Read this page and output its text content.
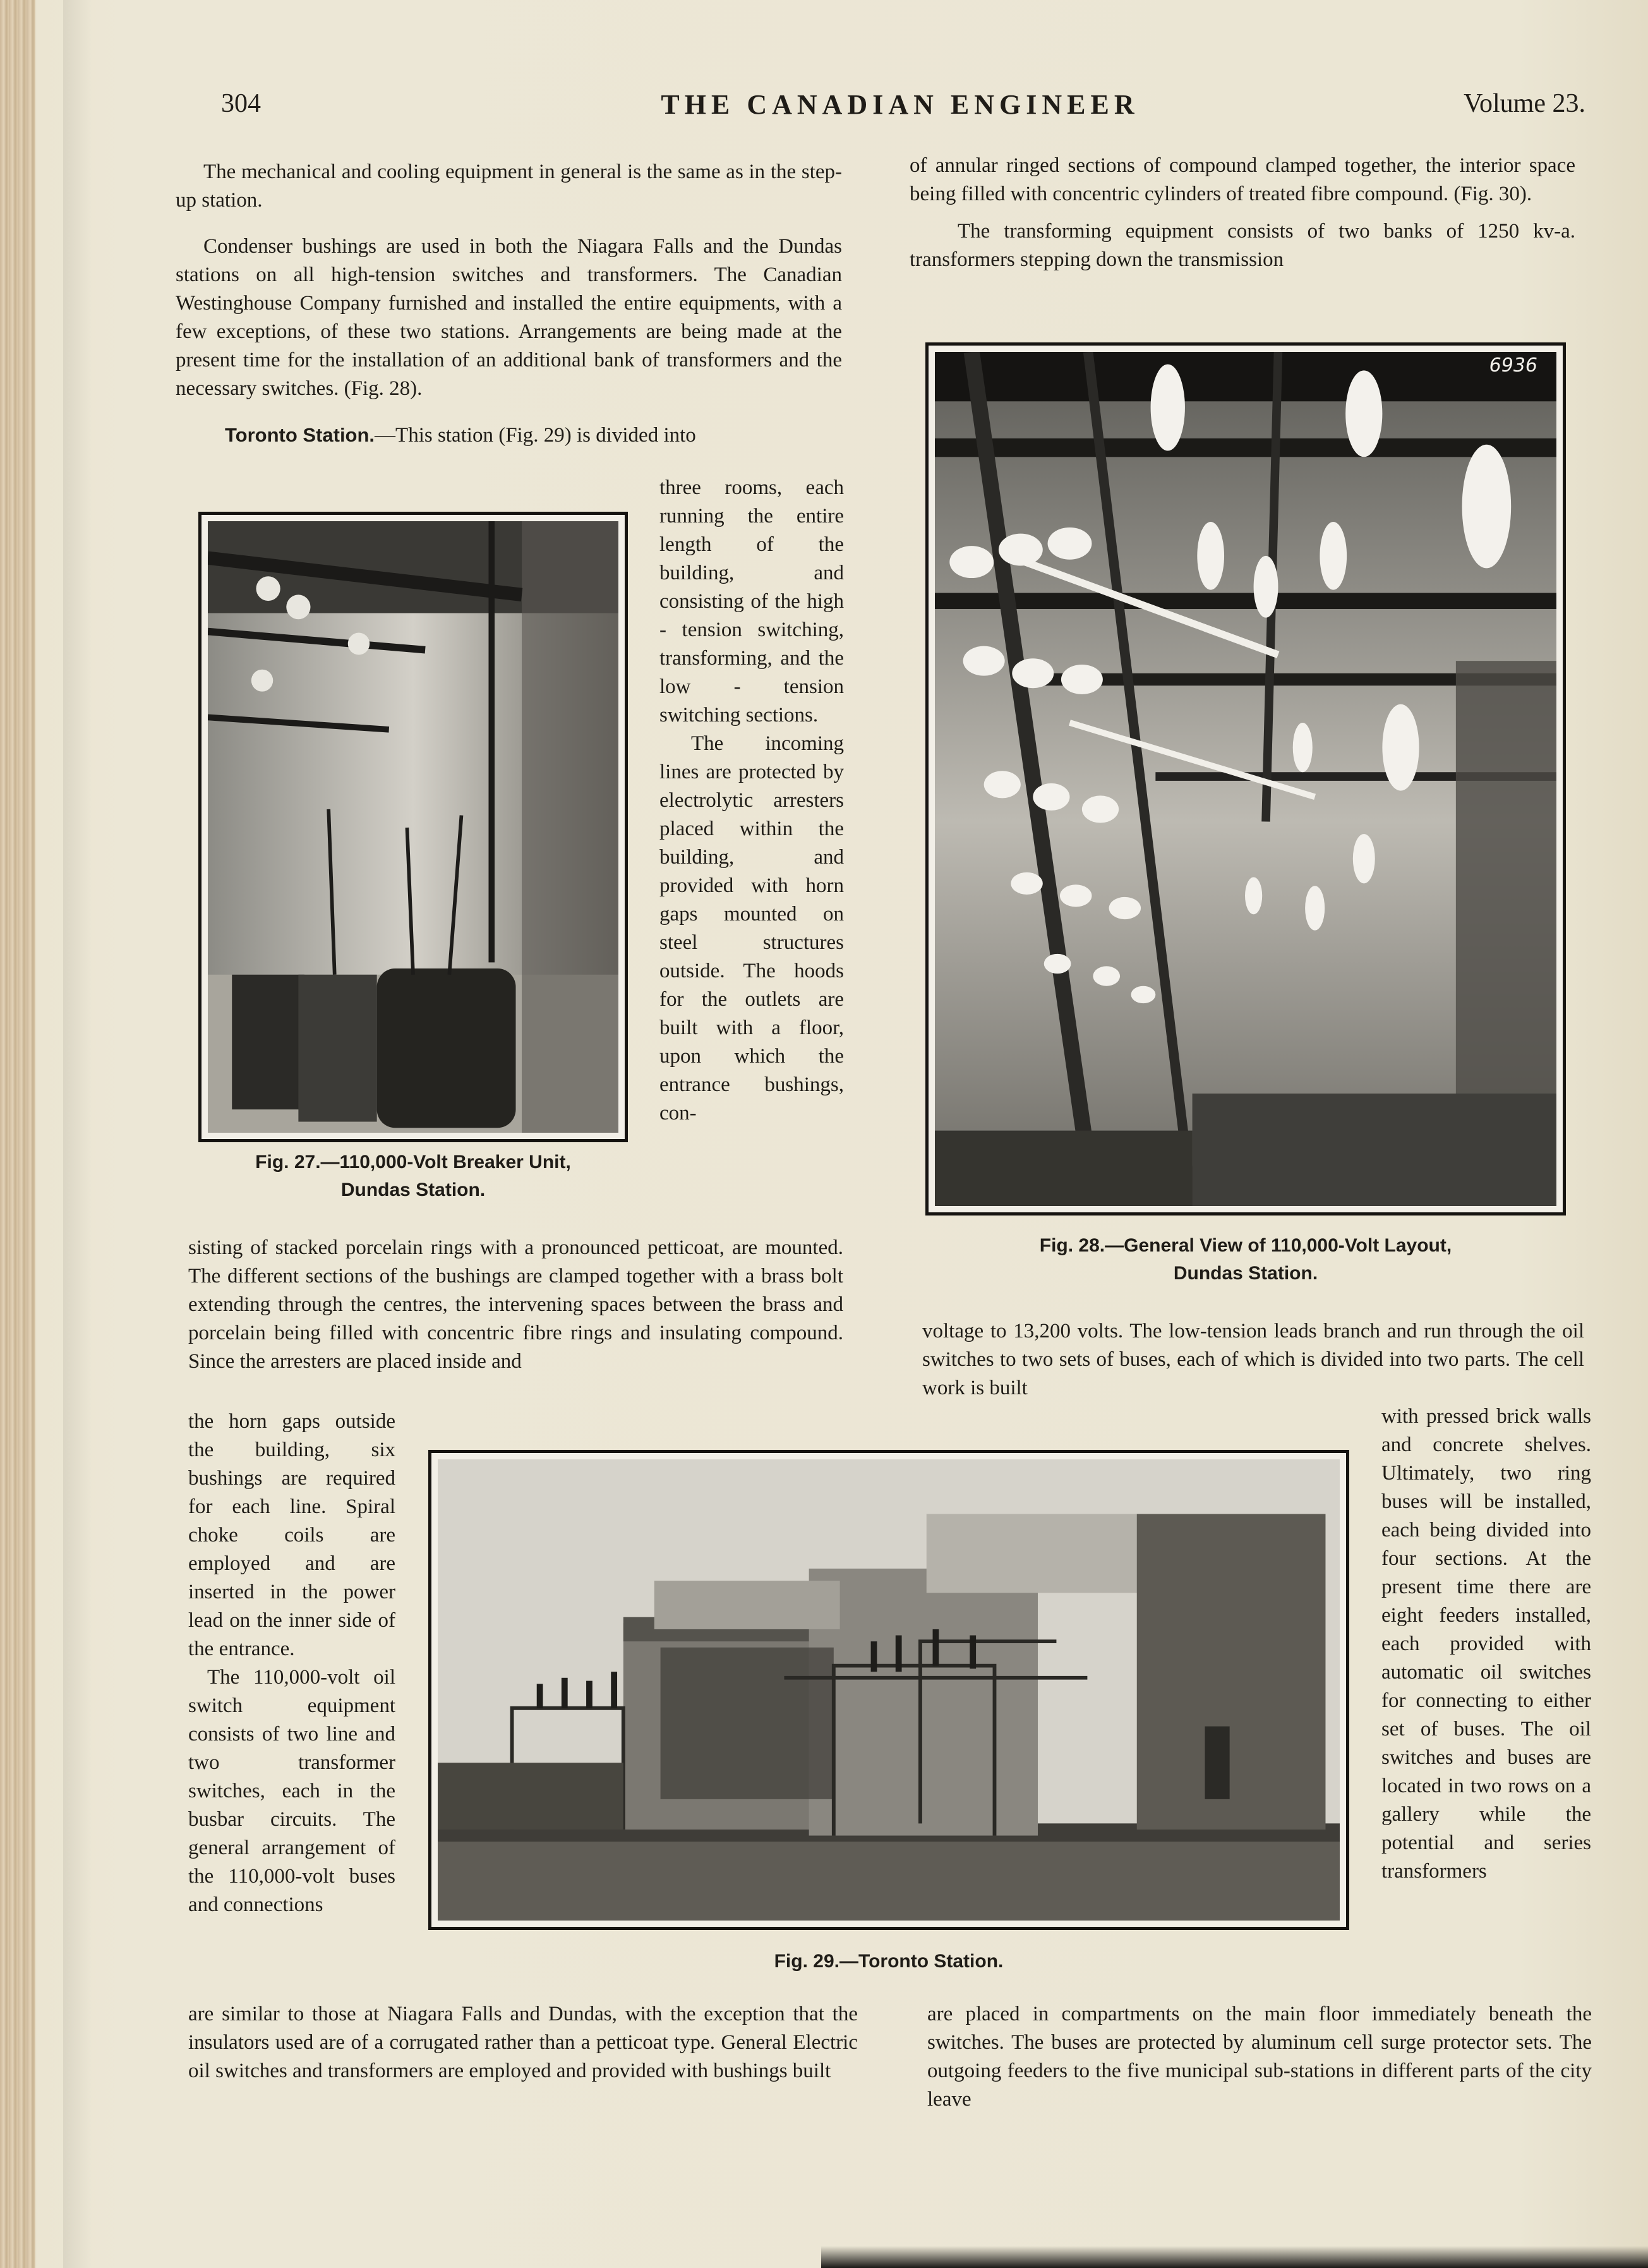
304	THE CANADIAN ENGINEER	Volume 23.

The mechanical and cooling equipment in general is the same as in the step-up station.

Condenser bushings are used in both the Niagara Falls and the Dundas stations on all high-tension switches and transformers. The Canadian Westinghouse Company furnished and installed the entire equipments, with a few exceptions, of these two stations. Arrangements are being made at the present time for the installation of an additional bank of transformers and the necessary switches. (Fig. 28).

Toronto Station.—This station (Fig. 29) is divided into

three rooms, each running the entire length of the building, and consisting of the high - tension switching, transforming, and the low - tension switching sections.

The incoming lines are protected by electrolytic arresters placed within the building, and provided with horn gaps mounted on steel structures outside. The hoods for the outlets are built with a floor, upon which the entrance bushings, con-

Fig. 27.—110,000-Volt Breaker Unit,
Dundas Station.

sisting of stacked porcelain rings with a pronounced petticoat, are mounted. The different sections of the bushings are clamped together with a brass bolt extending through the centres, the intervening spaces between the brass and porcelain being filled with concentric fibre rings and insulating compound. Since the arresters are placed inside and

the horn gaps outside the building, six bushings are required for each line. Spiral choke coils are employed and are inserted in the power lead on the inner side of the entrance.

The 110,000-volt oil switch equipment consists of two line and two transformer switches, each in the busbar circuits. The general arrangement of the 110,000-volt buses and connections

are similar to those at Niagara Falls and Dundas, with the exception that the insulators used are of a corrugated rather than a petticoat type. General Electric oil switches and transformers are employed and provided with bushings built

of annular ringed sections of compound clamped together, the interior space being filled with concentric cylinders of treated fibre compound. (Fig. 30).

The transforming equipment consists of two banks of 1250 kv-a. transformers stepping down the transmission

6936
Fig. 28.—General View of 110,000-Volt Layout,
Dundas Station.

voltage to 13,200 volts. The low-tension leads branch and run through the oil switches to two sets of buses, each of which is divided into two parts. The cell work is built

with pressed brick walls and concrete shelves. Ultimately, two ring buses will be installed, each being divided into four sections. At the present time there are eight feeders installed, each provided with automatic oil switches for connecting to either set of buses. The oil switches and buses are located in two rows on a gallery while the potential and series transformers

are placed in compartments on the main floor immediately beneath the switches. The buses are protected by aluminum cell surge protector sets. The outgoing feeders to the five municipal sub-stations in different parts of the city leave

Fig. 29.—Toronto Station.
